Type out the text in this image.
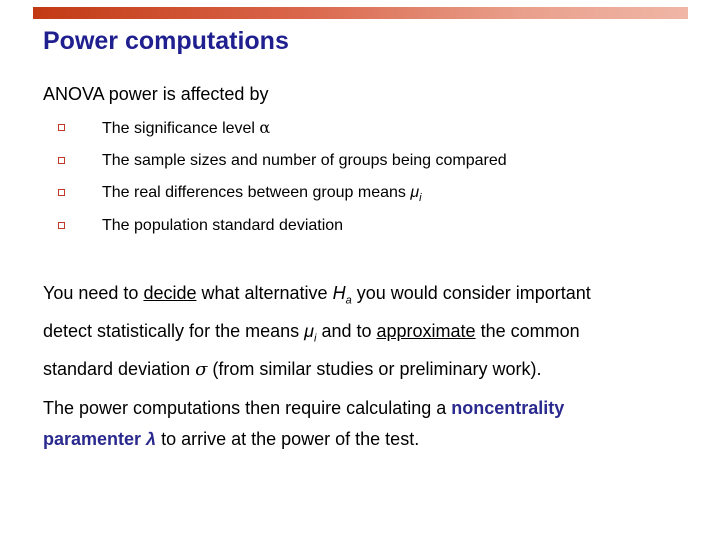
Power computations
ANOVA power is affected by
The significance level α
The sample sizes and number of groups being compared
The real differences between group means $\mu_i$
The population standard deviation
You need to decide what alternative $H_a$ you would consider important
detect statistically for the means $\mu_i$ and to approximate the common
standard deviation σ (from similar studies or preliminary work).
The power computations then require calculating a noncentrality
paramenter λ to arrive at the power of the test.
